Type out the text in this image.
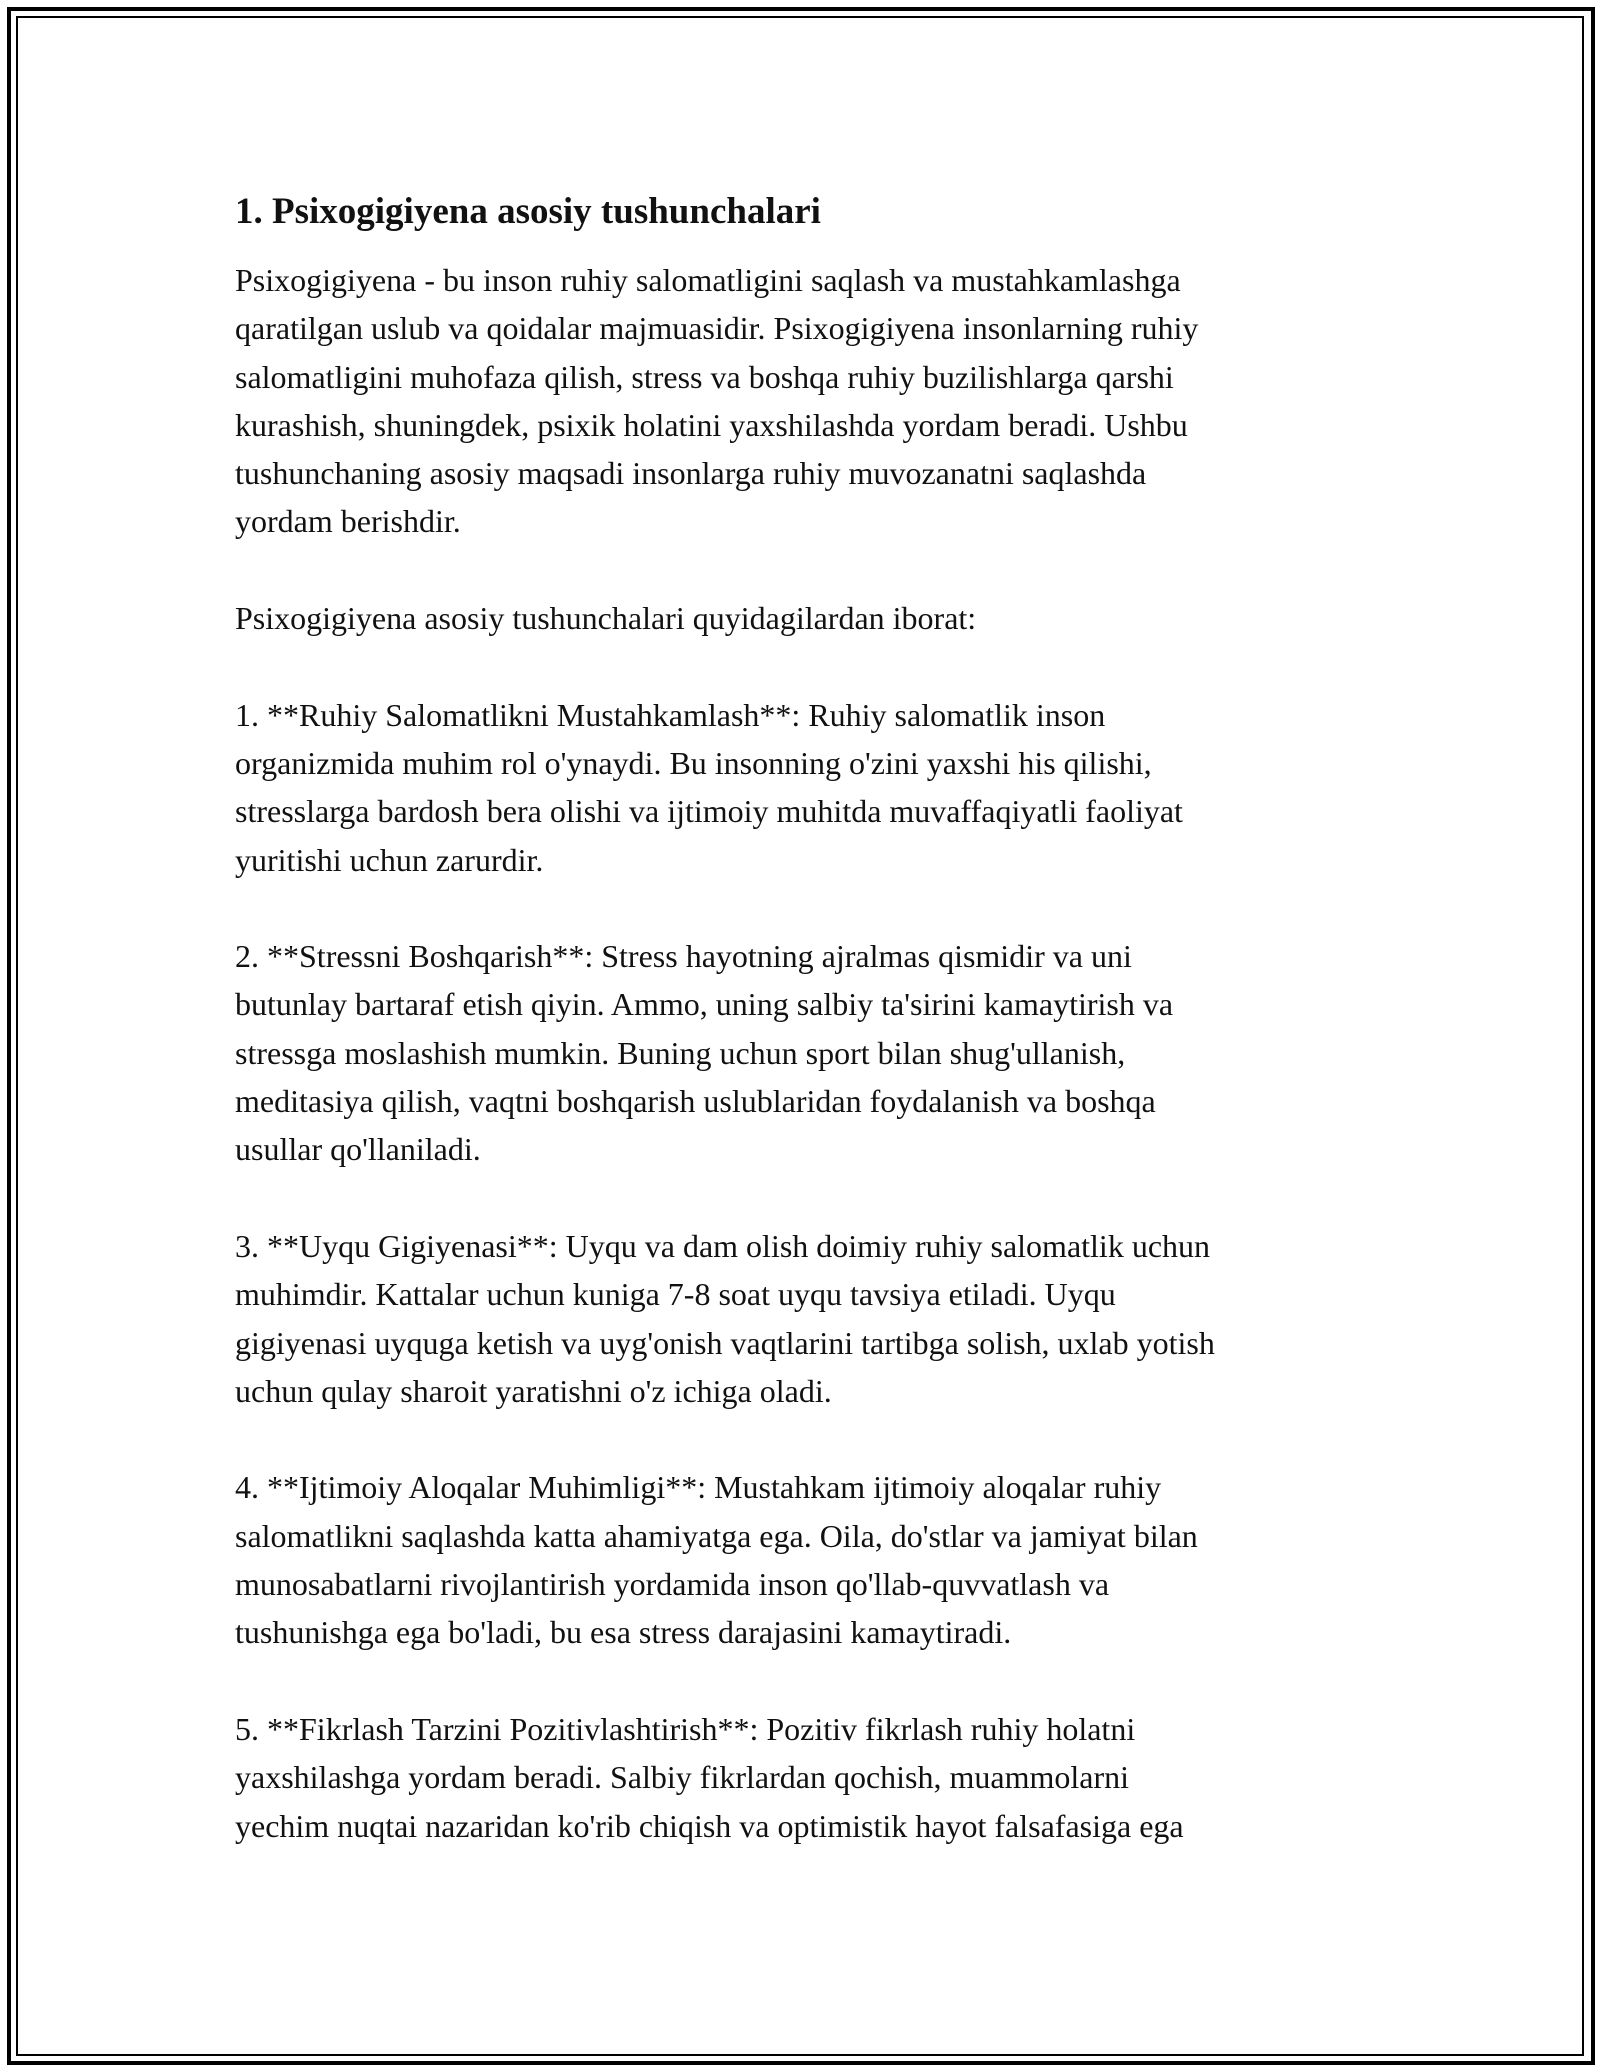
1. Psixogigiyena asosiy tushunchalari

Psixogigiyena - bu inson ruhiy salomatligini saqlash va mustahkamlashga
qaratilgan uslub va qoidalar majmuasidir. Psixogigiyena insonlarning ruhiy
salomatligini muhofaza qilish, stress va boshqa ruhiy buzilishlarga qarshi
kurashish, shuningdek, psixik holatini yaxshilashda yordam beradi. Ushbu
tushunchaning asosiy maqsadi insonlarga ruhiy muvozanatni saqlashda
yordam berishdir.

Psixogigiyena asosiy tushunchalari quyidagilardan iborat:

1. **Ruhiy Salomatlikni Mustahkamlash**: Ruhiy salomatlik inson
organizmida muhim rol o'ynaydi. Bu insonning o'zini yaxshi his qilishi,
stresslarga bardosh bera olishi va ijtimoiy muhitda muvaffaqiyatli faoliyat
yuritishi uchun zarurdir.

2. **Stressni Boshqarish**: Stress hayotning ajralmas qismidir va uni
butunlay bartaraf etish qiyin. Ammo, uning salbiy ta'sirini kamaytirish va
stressga moslashish mumkin. Buning uchun sport bilan shug'ullanish,
meditasiya qilish, vaqtni boshqarish uslublaridan foydalanish va boshqa
usullar qo'llaniladi.

3. **Uyqu Gigiyenasi**: Uyqu va dam olish doimiy ruhiy salomatlik uchun
muhimdir. Kattalar uchun kuniga 7-8 soat uyqu tavsiya etiladi. Uyqu
gigiyenasi uyquga ketish va uyg'onish vaqtlarini tartibga solish, uxlab yotish
uchun qulay sharoit yaratishni o'z ichiga oladi.

4. **Ijtimoiy Aloqalar Muhimligi**: Mustahkam ijtimoiy aloqalar ruhiy
salomatlikni saqlashda katta ahamiyatga ega. Oila, do'stlar va jamiyat bilan
munosabatlarni rivojlantirish yordamida inson qo'llab-quvvatlash va
tushunishga ega bo'ladi, bu esa stress darajasini kamaytiradi.

5. **Fikrlash Tarzini Pozitivlashtirish**: Pozitiv fikrlash ruhiy holatni
yaxshilashga yordam beradi. Salbiy fikrlardan qochish, muammolarni
yechim nuqtai nazaridan ko'rib chiqish va optimistik hayot falsafasiga ega
